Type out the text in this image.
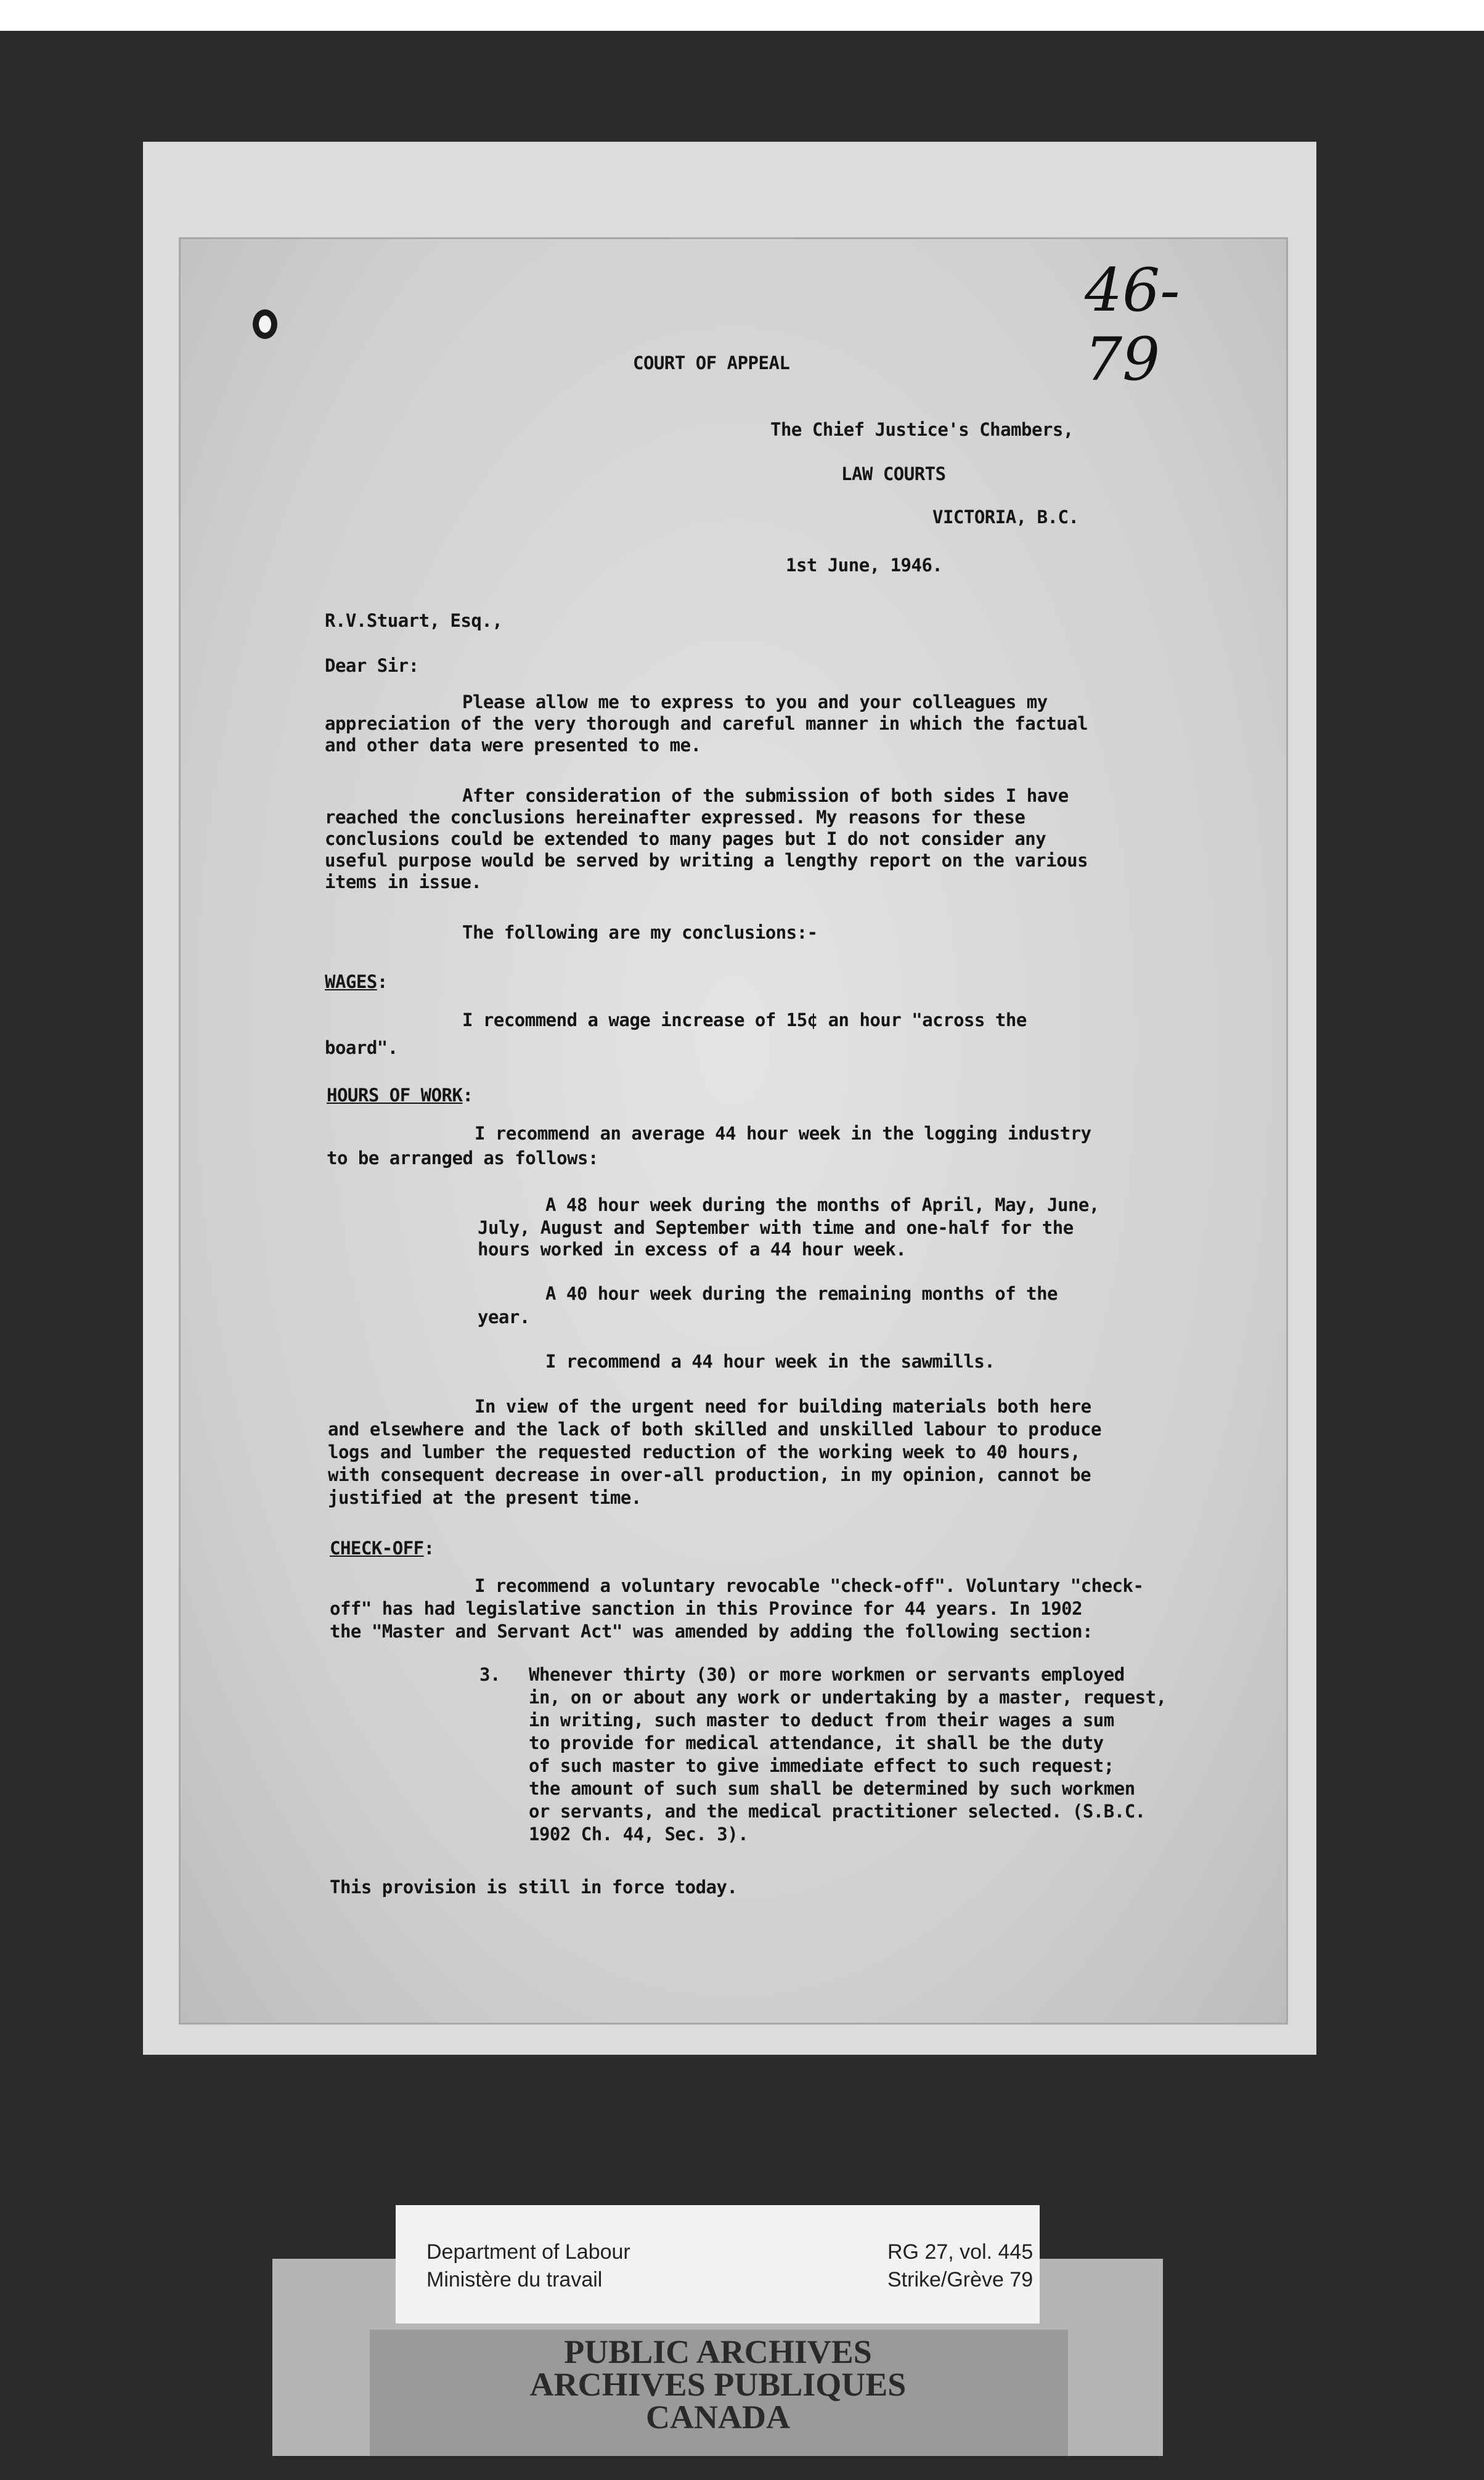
46-79
COURT OF APPEAL
The Chief Justice's Chambers,
LAW COURTS
VICTORIA, B.C.
1st June, 1946.
R.V.Stuart, Esq.,
Dear Sir:
Please allow me to express to you and your colleagues my
appreciation of the very thorough and careful manner in which the factual
and other data were presented to me.
After consideration of the submission of both sides I have
reached the conclusions hereinafter expressed. My reasons for these
conclusions could be extended to many pages but I do not consider any
useful purpose would be served by writing a lengthy report on the various
items in issue.
The following are my conclusions:-
WAGES:
I recommend a wage increase of 15¢ an hour "across the
board".
HOURS OF WORK:
I recommend an average 44 hour week in the logging industry
to be arranged as follows:
A 48 hour week during the months of April, May, June,
July, August and September with time and one-half for the
hours worked in excess of a 44 hour week.
A 40 hour week during the remaining months of the
year.
I recommend a 44 hour week in the sawmills.
In view of the urgent need for building materials both here
and elsewhere and the lack of both skilled and unskilled labour to produce
logs and lumber the requested reduction of the working week to 40 hours,
with consequent decrease in over-all production, in my opinion, cannot be
justified at the present time.
CHECK-OFF:
I recommend a voluntary revocable "check-off". Voluntary "check-
off" has had legislative sanction in this Province for 44 years. In 1902
the "Master and Servant Act" was amended by adding the following section:
3. Whenever thirty (30) or more workmen or servants employed
in, on or about any work or undertaking by a master, request,
in writing, such master to deduct from their wages a sum
to provide for medical attendance, it shall be the duty
of such master to give immediate effect to such request;
the amount of such sum shall be determined by such workmen
or servants, and the medical practitioner selected. (S.B.C.
1902 Ch. 44, Sec. 3).
This provision is still in force today.
Department of Labour
Ministère du travail
RG 27, vol. 445
Strike/Grève 79
PUBLIC ARCHIVES
ARCHIVES PUBLIQUES
CANADA
